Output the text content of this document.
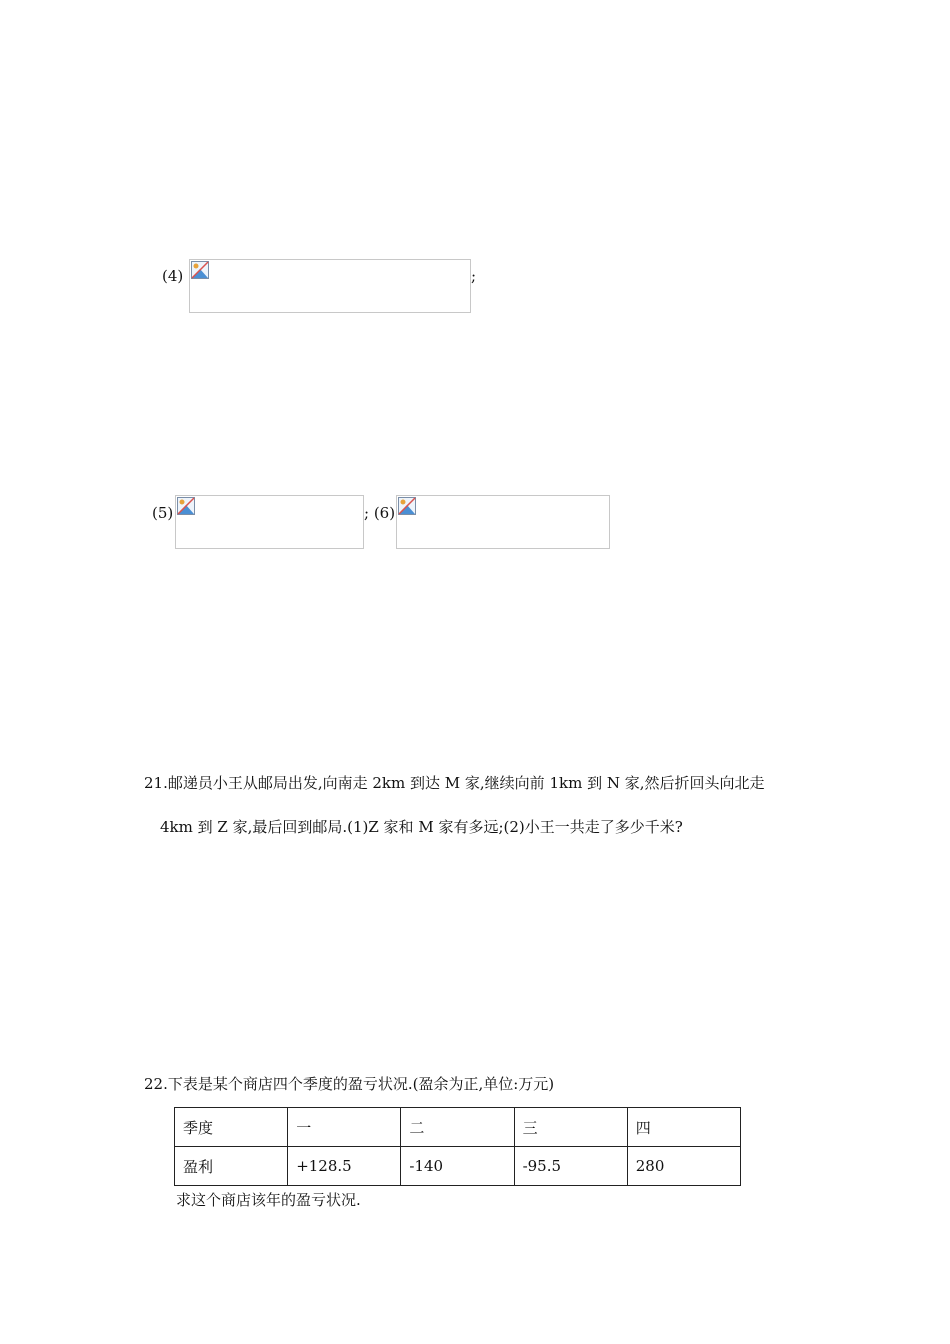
(4)	;
(5)	; (6)
21.邮递员小王从邮局出发,向南走 2km 到达 M 家,继续向前 1km 到 N 家,然后折回头向北走
4km 到 Z 家,最后回到邮局.(1)Z 家和 M 家有多远;(2)小王一共走了多少千米?
22.下表是某个商店四个季度的盈亏状况.(盈余为正,单位:万元)
季度	一	二	三	四
盈利	+128.5	-140	-95.5	280
求这个商店该年的盈亏状况.
